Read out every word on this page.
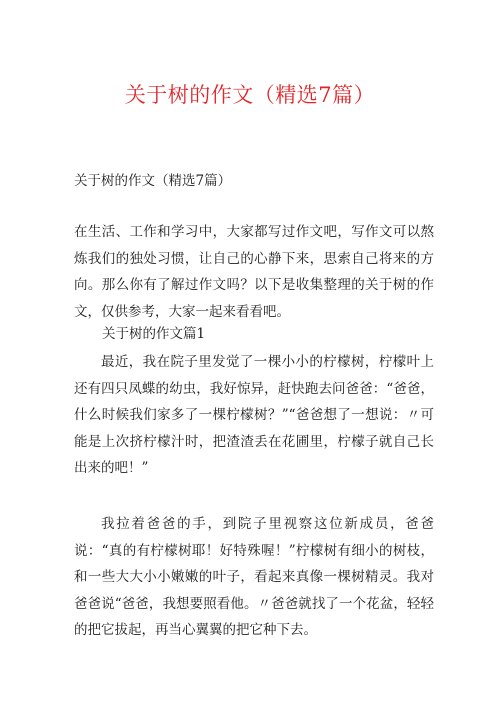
关于树的作文（精选7篇）
关于树的作文（精选7篇）

在生活、工作和学习中，大家都写过作文吧，写作文可以熬炼我们的独处习惯，让自己的心静下来，思索自己将来的方向。那么你有了解过作文吗？以下是收集整理的关于树的作文，仅供参考，大家一起来看看吧。

关于树的作文篇1

最近，我在院子里发觉了一棵小小的柠檬树，柠檬叶上还有四只凤蝶的幼虫，我好惊异，赶快跑去问爸爸：“爸爸，什么时候我们家多了一棵柠檬树？”“爸爸想了一想说：〃可能是上次挤柠檬汁时，把渣渣丢在花圃里，柠檬子就自己长出来的吧！”

我拉着爸爸的手，到院子里视察这位新成员，爸爸说：“真的有柠檬树耶！好特殊喔！”柠檬树有细小的树枝，和一些大大小小嫩嫩的叶子，看起来真像一棵树精灵。我对爸爸说“爸爸，我想要照看他。〃爸爸就找了一个花盆，轻轻的把它拔起，再当心翼翼的把它种下去。
